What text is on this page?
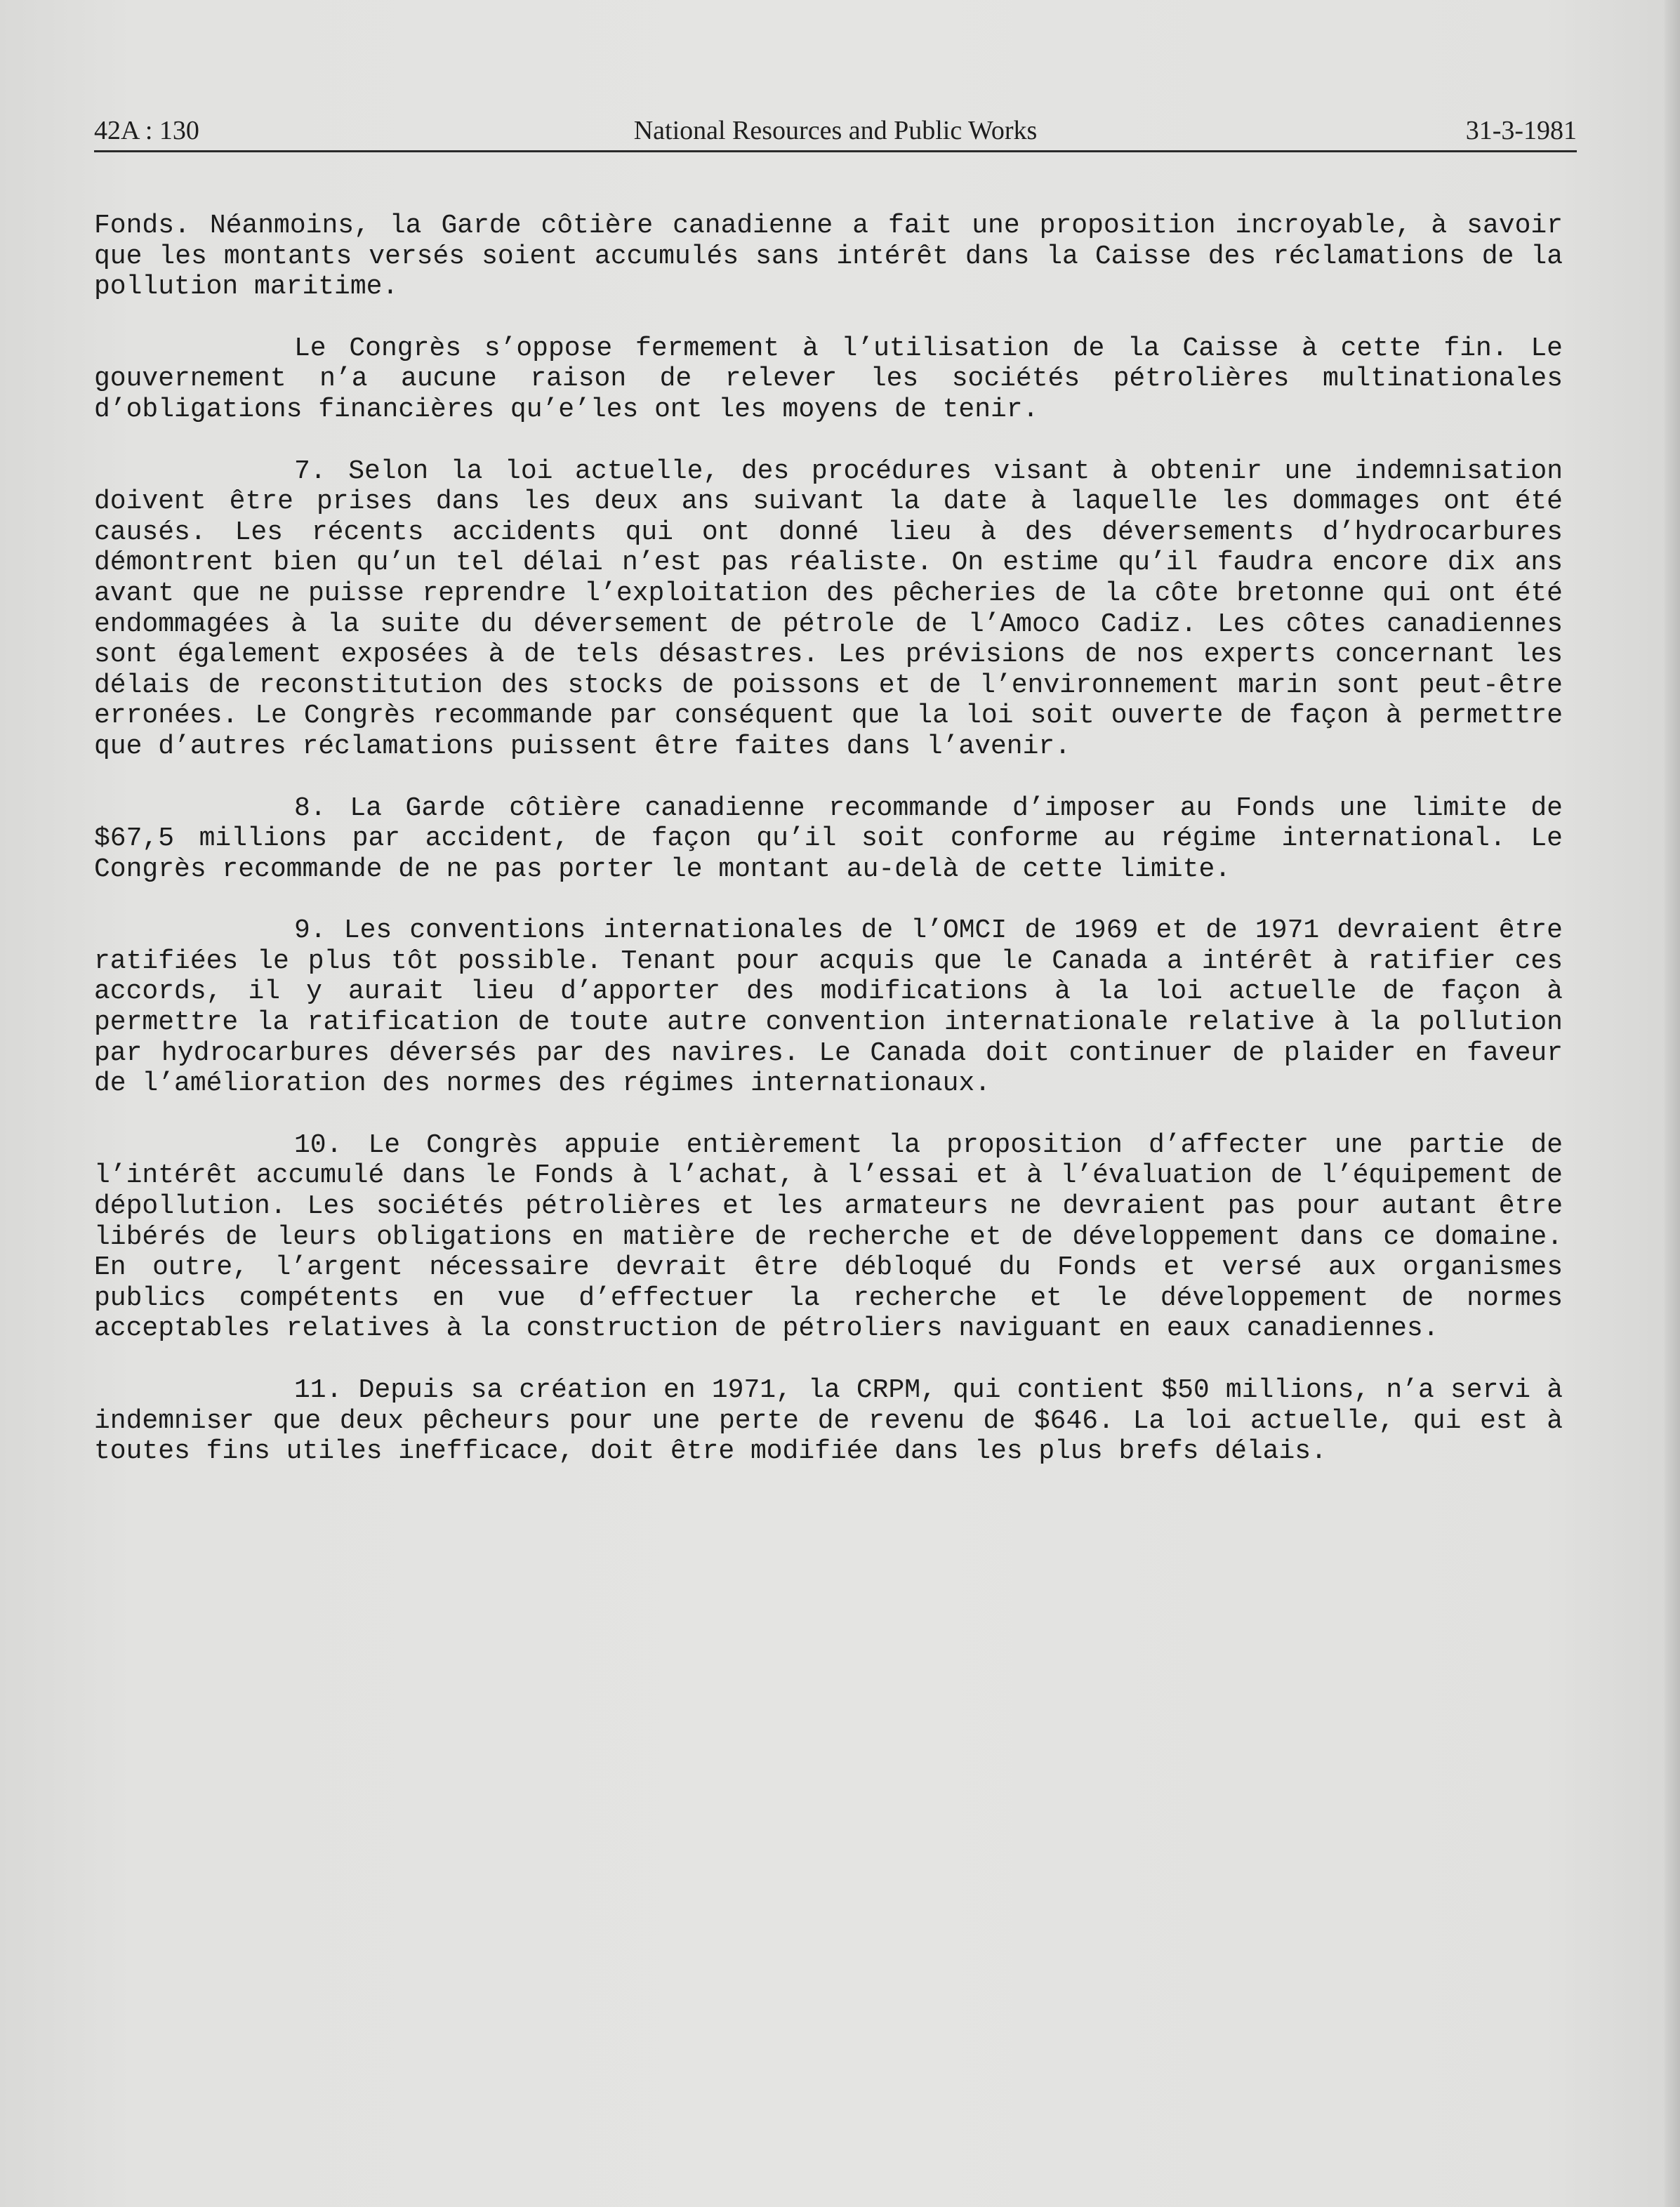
42A : 130	National Resources and Public Works	31-3-1981

Fonds. Néanmoins, la Garde côtière canadienne a fait une proposition incroyable, à savoir que les montants versés soient accumulés sans intérêt dans la Caisse des réclamations de la pollution maritime.

Le Congrès s’oppose fermement à l’utilisation de la Caisse à cette fin. Le gouvernement n’a aucune raison de relever les sociétés pétrolières multinationales d’obligations financières qu’e’les ont les moyens de tenir.

7. Selon la loi actuelle, des procédures visant à obtenir une indemnisation doivent être prises dans les deux ans suivant la date à laquelle les dommages ont été causés. Les récents accidents qui ont donné lieu à des déversements d’hydrocarbures démontrent bien qu’un tel délai n’est pas réaliste. On estime qu’il faudra encore dix ans avant que ne puisse reprendre l’exploitation des pêcheries de la côte bretonne qui ont été endommagées à la suite du déversement de pétrole de l’Amoco Cadiz. Les côtes canadiennes sont également exposées à de tels désastres. Les prévisions de nos experts concernant les délais de reconstitution des stocks de poissons et de l’environnement marin sont peut-être erronées. Le Congrès recommande par conséquent que la loi soit ouverte de façon à permettre que d’autres réclamations puissent être faites dans l’avenir.

8. La Garde côtière canadienne recommande d’imposer au Fonds une limite de $67,5 millions par accident, de façon qu’il soit conforme au régime international. Le Congrès recommande de ne pas porter le montant au-delà de cette limite.

9. Les conventions internationales de l’OMCI de 1969 et de 1971 devraient être ratifiées le plus tôt possible. Tenant pour acquis que le Canada a intérêt à ratifier ces accords, il y aurait lieu d’apporter des modifications à la loi actuelle de façon à permettre la ratification de toute autre convention internationale relative à la pollution par hydrocarbures déversés par des navires. Le Canada doit continuer de plaider en faveur de l’amélioration des normes des régimes internationaux.

10. Le Congrès appuie entièrement la proposition d’affecter une partie de l’intérêt accumulé dans le Fonds à l’achat, à l’essai et à l’évaluation de l’équipement de dépollution. Les sociétés pétrolières et les armateurs ne devraient pas pour autant être libérés de leurs obligations en matière de recherche et de développement dans ce domaine. En outre, l’argent nécessaire devrait être débloqué du Fonds et versé aux organismes publics compétents en vue d’effectuer la recherche et le développement de normes acceptables relatives à la construction de pétroliers naviguant en eaux canadiennes.

11. Depuis sa création en 1971, la CRPM, qui contient $50 millions, n’a servi à indemniser que deux pêcheurs pour une perte de revenu de $646. La loi actuelle, qui est à toutes fins utiles inefficace, doit être modifiée dans les plus brefs délais.
